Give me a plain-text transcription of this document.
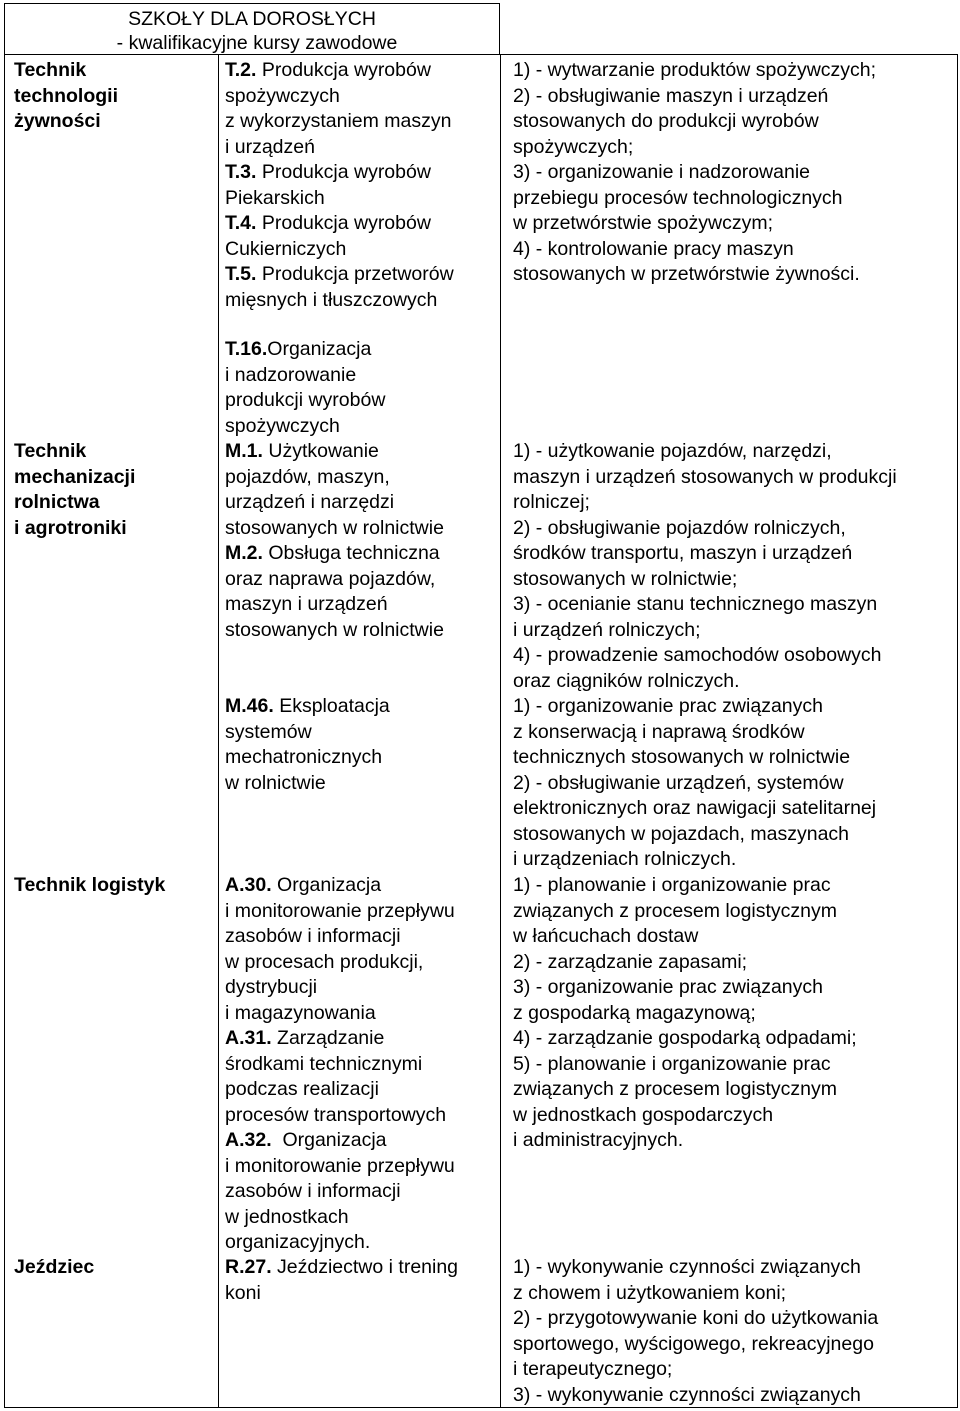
SZKOŁY DLA DOROSŁYCH
- kwalifikacyjne kursy zawodowe
Technik
technologii
żywności
T.2. Produkcja wyrobów
spożywczych
z wykorzystaniem maszyn
i urządzeń
T.3. Produkcja wyrobów
Piekarskich
T.4. Produkcja wyrobów
Cukierniczych
T.5. Produkcja przetworów
mięsnych i tłuszczowych
T.16.Organizacja
i nadzorowanie
produkcji wyrobów
spożywczych
1) - wytwarzanie produktów spożywczych;
2) - obsługiwanie maszyn i urządzeń
stosowanych do produkcji wyrobów
spożywczych;
3) - organizowanie i nadzorowanie
przebiegu procesów technologicznych
w przetwórstwie spożywczym;
4) - kontrolowanie pracy maszyn
stosowanych w przetwórstwie żywności.
Technik
mechanizacji
rolnictwa
i agrotroniki
M.1. Użytkowanie
pojazdów, maszyn,
urządzeń i narzędzi
stosowanych w rolnictwie
M.2. Obsługa techniczna
oraz naprawa pojazdów,
maszyn i urządzeń
stosowanych w rolnictwie
M.46. Eksploatacja
systemów
mechatronicznych
w rolnictwie
1) - użytkowanie pojazdów, narzędzi,
maszyn i urządzeń stosowanych w produkcji
rolniczej;
2) - obsługiwanie pojazdów rolniczych,
środków transportu, maszyn i urządzeń
stosowanych w rolnictwie;
3) - ocenianie stanu technicznego maszyn
i urządzeń rolniczych;
4) - prowadzenie samochodów osobowych
oraz ciągników rolniczych.
1) - organizowanie prac związanych
z konserwacją i naprawą środków
technicznych stosowanych w rolnictwie
2) - obsługiwanie urządzeń, systemów
elektronicznych oraz nawigacji satelitarnej
stosowanych w pojazdach, maszynach
i urządzeniach rolniczych.
Technik logistyk	A.30. Organizacja
i monitorowanie przepływu
zasobów i informacji
w procesach produkcji,
dystrybucji
i magazynowania
A.31. Zarządzanie
środkami technicznymi
podczas realizacji
procesów transportowych
A.32.  Organizacja
i monitorowanie przepływu
zasobów i informacji
w jednostkach
organizacyjnych.
1) - planowanie i organizowanie prac
związanych z procesem logistycznym
w łańcuchach dostaw
2) - zarządzanie zapasami;
3) - organizowanie prac związanych
z gospodarką magazynową;
4) - zarządzanie gospodarką odpadami;
5) - planowanie i organizowanie prac
związanych z procesem logistycznym
w jednostkach gospodarczych
i administracyjnych.
Jeździec	R.27. Jeździectwo i trening
koni
1) - wykonywanie czynności związanych
z chowem i użytkowaniem koni;
2) - przygotowywanie koni do użytkowania
sportowego, wyścigowego, rekreacyjnego
i terapeutycznego;
3) - wykonywanie czynności związanych
